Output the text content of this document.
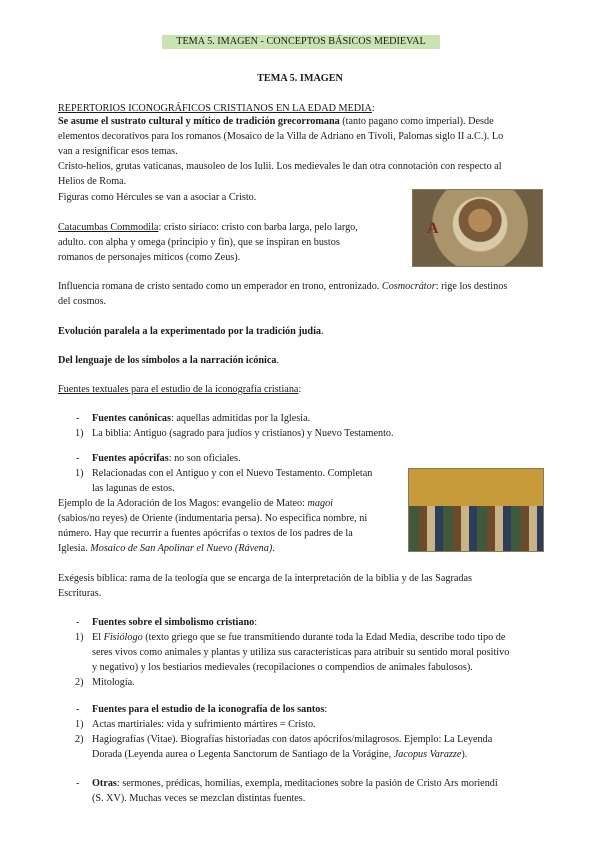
TEMA 5. IMAGEN - CONCEPTOS BÁSICOS MEDIEVAL

TEMA 5. IMAGEN

REPERTORIOS ICONOGRÁFICOS CRISTIANOS EN LA EDAD MEDIA:

Se asume el sustrato cultural y mítico de tradición grecorromana (tanto pagano como imperial). Desde

elementos decorativos para los romanos (Mosaico de la Villa de Adriano en Tívoli, Palomas siglo II a.C.). Lo

van a resignificar esos temas.

Cristo-helios, grutas vaticanas, mausoleo de los Iulii. Los medievales le dan otra connotación con respecto al

Helios de Roma.

Figuras como Hércules se van a asociar a Cristo.

A

Catacumbas Commodila: cristo siríaco: cristo con barba larga, pelo largo,

adulto. con alpha y omega (principio y fin), que se inspiran en bustos

romanos de personajes míticos (como Zeus).

Influencia romana de cristo sentado como un emperador en trono, entronizado. Cosmocrátor: rige los destinos

del cosmos.

Evolución paralela a la experimentado por la tradición judía.

Del lenguaje de los símbolos a la narración icónica.

Fuentes textuales para el estudio de la iconografía cristiana:

- Fuentes canónicas: aquellas admitidas por la Iglesia.

1) La biblia: Antiguo (sagrado para judíos y cristianos) y Nuevo Testamento.

- Fuentes apócrifas: no son oficiales.

1) Relacionadas con el Antiguo y con el Nuevo Testamento. Completan

las lagunas de estos.

Ejemplo de la Adoración de los Magos: evangelio de Mateo: magoi

(sabios/no reyes) de Oriente (indumentaria persa). No especifica nombre, ni

número. Hay que recurrir a fuentes apócrifas o textos de los padres de la

Iglesia. Mosaico de San Apolinar el Nuevo (Rávena).

Exégesis bíblica: rama de la teología que se encarga de la interpretación de la biblia y de las Sagradas

Escrituras.

- Fuentes sobre el simbolismo cristiano:

1) El Fisiólogo (texto griego que se fue transmitiendo durante toda la Edad Media, describe todo tipo de

seres vivos como animales y plantas y utiliza sus características para atribuir su sentido moral positivo

y negativo) y los bestiarios medievales (recopilaciones o compendios de animales fabulosos).

2) Mitología.

- Fuentes para el estudio de la iconografía de los santos:

1) Actas martiriales: vida y sufrimiento mártires = Cristo.

2) Hagiografías (Vitae). Biografías historiadas con datos apócrifos/milagrosos. Ejemplo: La Leyenda

Dorada (Leyenda aurea o Legenta Sanctorum de Santiago de la Vorágine, Jacopus Varazze).

- Otras: sermones, prédicas, homilías, exempla, meditaciones sobre la pasión de Cristo Ars moriendi

(S. XV). Muchas veces se mezclan distintas fuentes.
